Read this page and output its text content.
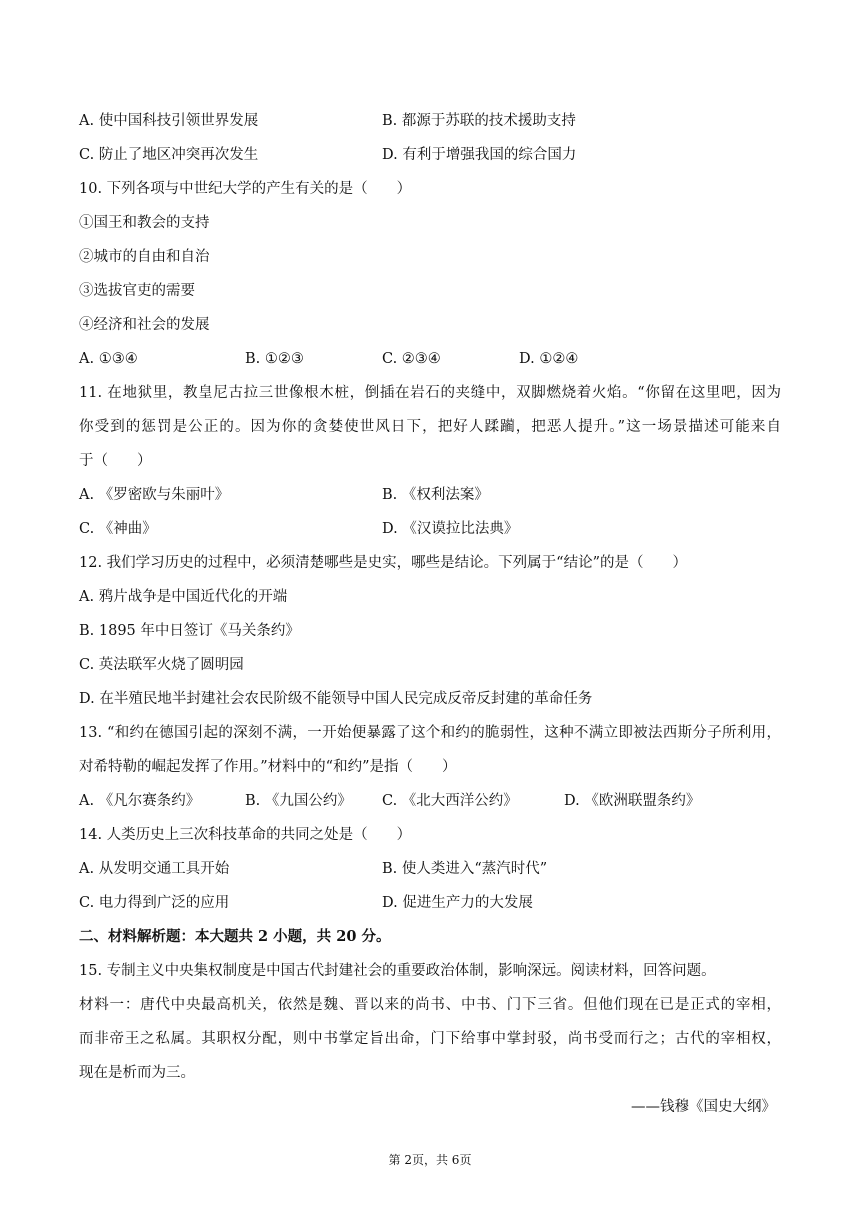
A. 使中国科技引领世界发展	B. 都源于苏联的技术援助支持
C. 防止了地区冲突再次发生	D. 有利于增强我国的综合国力
10. 下列各项与中世纪大学的产生有关的是（　　）
①国王和教会的支持
②城市的自由和自治
③选拔官吏的需要
④经济和社会的发展
A. ①③④	B. ①②③	C. ②③④	D. ①②④
11. 在地狱里，教皇尼古拉三世像根木桩，倒插在岩石的夹缝中，双脚燃烧着火焰。“你留在这里吧，因为
你受到的惩罚是公正的。因为你的贪婪使世风日下，把好人蹂躏，把恶人提升。”这一场景描述可能来自
于（　　）
A. 《罗密欧与朱丽叶》	B. 《权利法案》
C. 《神曲》	D. 《汉谟拉比法典》
12. 我们学习历史的过程中，必须清楚哪些是史实，哪些是结论。下列属于“结论”的是（　　）
A. 鸦片战争是中国近代化的开端
B. 1895 年中日签订《马关条约》
C. 英法联军火烧了圆明园
D. 在半殖民地半封建社会农民阶级不能领导中国人民完成反帝反封建的革命任务
13. “和约在德国引起的深刻不满，一开始便暴露了这个和约的脆弱性，这种不满立即被法西斯分子所利用，
对希特勒的崛起发挥了作用。”材料中的“和约”是指（　　）
A. 《凡尔赛条约》	B. 《九国公约》 C. 《北大西洋公约》	D. 《欧洲联盟条约》
14. 人类历史上三次科技革命的共同之处是（　　）
A. 从发明交通工具开始	B. 使人类进入“蒸汽时代”
C. 电力得到广泛的应用	D. 促进生产力的大发展
二、材料解析题：本大题共 2 小题，共 20 分。
15. 专制主义中央集权制度是中国古代封建社会的重要政治体制，影响深远。阅读材料，回答问题。
材料一：唐代中央最高机关，依然是魏、晋以来的尚书、中书、门下三省。但他们现在已是正式的宰相，
而非帝王之私属。其职权分配，则中书掌定旨出命，门下给事中掌封驳，尚书受而行之；古代的宰相权，
现在是析而为三。
——钱穆《国史大纲》
第 2页，共 6页
